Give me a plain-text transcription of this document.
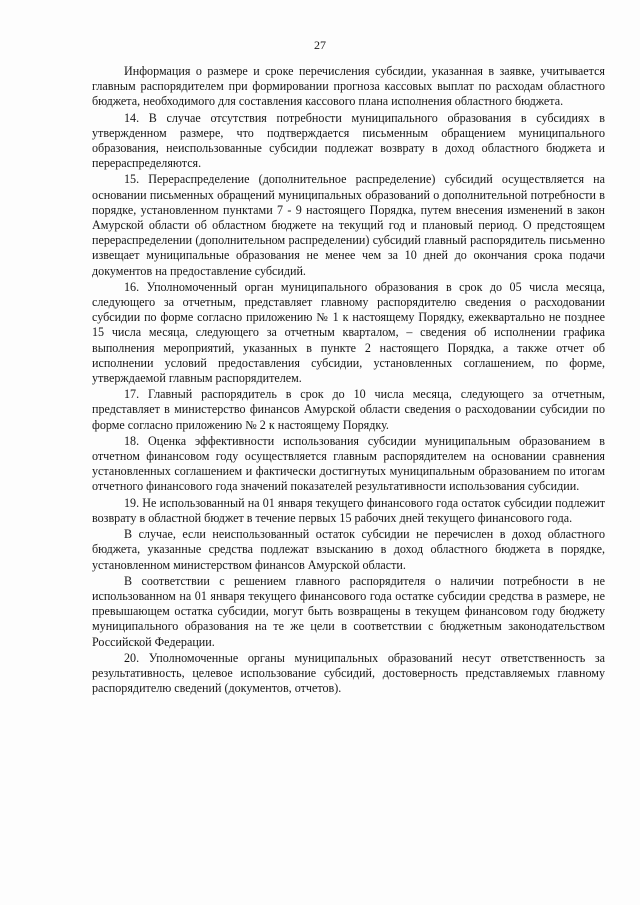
27

Информация о размере и сроке перечисления субсидии, указанная в заявке, учитывается главным распорядителем при формировании прогноза кассовых выплат по расходам областного бюджета, необходимого для составления кассового плана исполнения областного бюджета.

14. В случае отсутствия потребности муниципального образования в субсидиях в утвержденном размере, что подтверждается письменным обращением муниципального образования, неиспользованные субсидии подлежат возврату в доход областного бюджета и перераспределяются.

15. Перераспределение (дополнительное распределение) субсидий осуществляется на основании письменных обращений муниципальных образований о дополнительной потребности в порядке, установленном пунктами 7 - 9 настоящего Порядка, путем внесения изменений в закон Амурской области об областном бюджете на текущий год и плановый период. О предстоящем перераспределении (дополнительном распределении) субсидий главный распорядитель письменно извещает муниципальные образования не менее чем за 10 дней до окончания срока подачи документов на предоставление субсидий.

16. Уполномоченный орган муниципального образования в срок до 05 числа месяца, следующего за отчетным, представляет главному распорядителю сведения о расходовании субсидии по форме согласно приложению № 1 к настоящему Порядку, ежеквартально не позднее 15 числа месяца, следующего за отчетным кварталом, – сведения об исполнении графика выполнения мероприятий, указанных в пункте 2 настоящего Порядка, а также отчет об исполнении условий предоставления субсидии, установленных соглашением, по форме, утверждаемой главным распорядителем.

17. Главный распорядитель в срок до 10 числа месяца, следующего за отчетным, представляет в министерство финансов Амурской области сведения о расходовании субсидии по форме согласно приложению № 2 к настоящему Порядку.

18. Оценка эффективности использования субсидии муниципальным образованием в отчетном финансовом году осуществляется главным распорядителем на основании сравнения установленных соглашением и фактически достигнутых муниципальным образованием по итогам отчетного финансового года значений показателей результативности использования субсидии.

19. Не использованный на 01 января текущего финансового года остаток субсидии подлежит возврату в областной бюджет в течение первых 15 рабочих дней текущего финансового года.

В случае, если неиспользованный остаток субсидии не перечислен в доход областного бюджета, указанные средства подлежат взысканию в доход областного бюджета в порядке, установленном министерством финансов Амурской области.

В соответствии с решением главного распорядителя о наличии потребности в не использованном на 01 января текущего финансового года остатке субсидии средства в размере, не превышающем остатка субсидии, могут быть возвращены в текущем финансовом году бюджету муниципального образования на те же цели в соответствии с бюджетным законодательством Российской Федерации.

20. Уполномоченные органы муниципальных образований несут ответственность за результативность, целевое использование субсидий, достоверность представляемых главному распорядителю сведений (документов, отчетов).
